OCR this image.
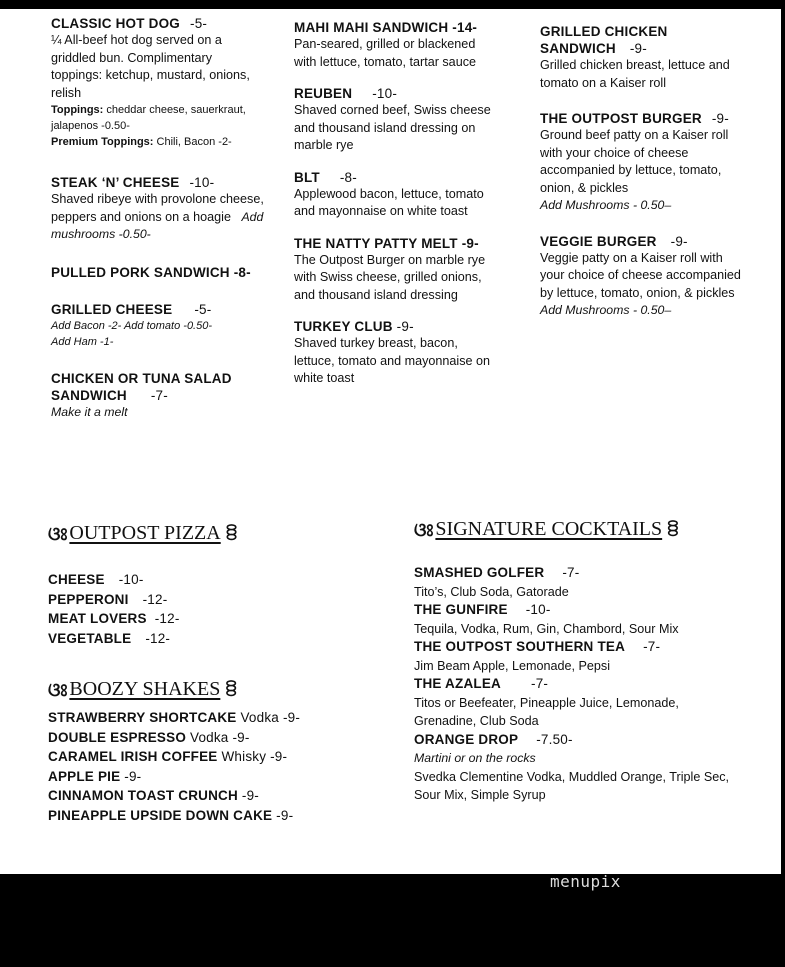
CLASSIC HOT DOG -5-
¼ All-beef hot dog served on a griddled bun. Complimentary toppings: ketchup, mustard, onions, relish
Toppings: cheddar cheese, sauerkraut, jalapenos -0.50-
Premium Toppings: Chili, Bacon -2-
STEAK ‘N’ CHEESE -10-
Shaved ribeye with provolone cheese, peppers and onions on a hoagie Add mushrooms -0.50-
PULLED PORK SANDWICH -8-
GRILLED CHEESE -5-
Add Bacon -2- Add tomato -0.50-
Add Ham -1-
CHICKEN OR TUNA SALAD SANDWICH -7-
Make it a melt
MAHI MAHI SANDWICH -14-
Pan-seared, grilled or blackened with lettuce, tomato, tartar sauce
REUBEN -10-
Shaved corned beef, Swiss cheese and thousand island dressing on marble rye
BLT -8-
Applewood bacon, lettuce, tomato and mayonnaise on white toast
THE NATTY PATTY MELT -9-
The Outpost Burger on marble rye with Swiss cheese, grilled onions, and thousand island dressing
TURKEY CLUB -9-
Shaved turkey breast, bacon, lettuce, tomato and mayonnaise on white toast
GRILLED CHICKEN SANDWICH -9-
Grilled chicken breast, lettuce and tomato on a Kaiser roll
THE OUTPOST BURGER -9-
Ground beef patty on a Kaiser roll with your choice of cheese accompanied by lettuce, tomato, onion, & pickles
Add Mushrooms - 0.50–
VEGGIE BURGER -9-
Veggie patty on a Kaiser roll with your choice of cheese accompanied by lettuce, tomato, onion, & pickles
Add Mushrooms - 0.50–
ଓଃ OUTPOST PIZZA ꊞ
CHEESE -10-
PEPPERONI -12-
MEAT LOVERS -12-
VEGETABLE -12-
ଓଃ BOOZY SHAKES ꊞ
STRAWBERRY SHORTCAKE Vodka -9-
DOUBLE ESPRESSO Vodka -9-
CARAMEL IRISH COFFEE Whisky -9-
APPLE PIE -9-
CINNAMON TOAST CRUNCH -9-
PINEAPPLE UPSIDE DOWN CAKE -9-
ଓଃ SIGNATURE COCKTAILS ꊞ
SMASHED GOLFER -7-
Tito’s, Club Soda, Gatorade
THE GUNFIRE -10-
Tequila, Vodka, Rum, Gin, Chambord, Sour Mix
THE OUTPOST SOUTHERN TEA -7-
Jim Beam Apple, Lemonade, Pepsi
THE AZALEA -7-
Titos or Beefeater, Pineapple Juice, Lemonade, Grenadine, Club Soda
ORANGE DROP -7.50-
Martini or on the rocks
Svedka Clementine Vodka, Muddled Orange, Triple Sec, Sour Mix, Simple Syrup
menupix
